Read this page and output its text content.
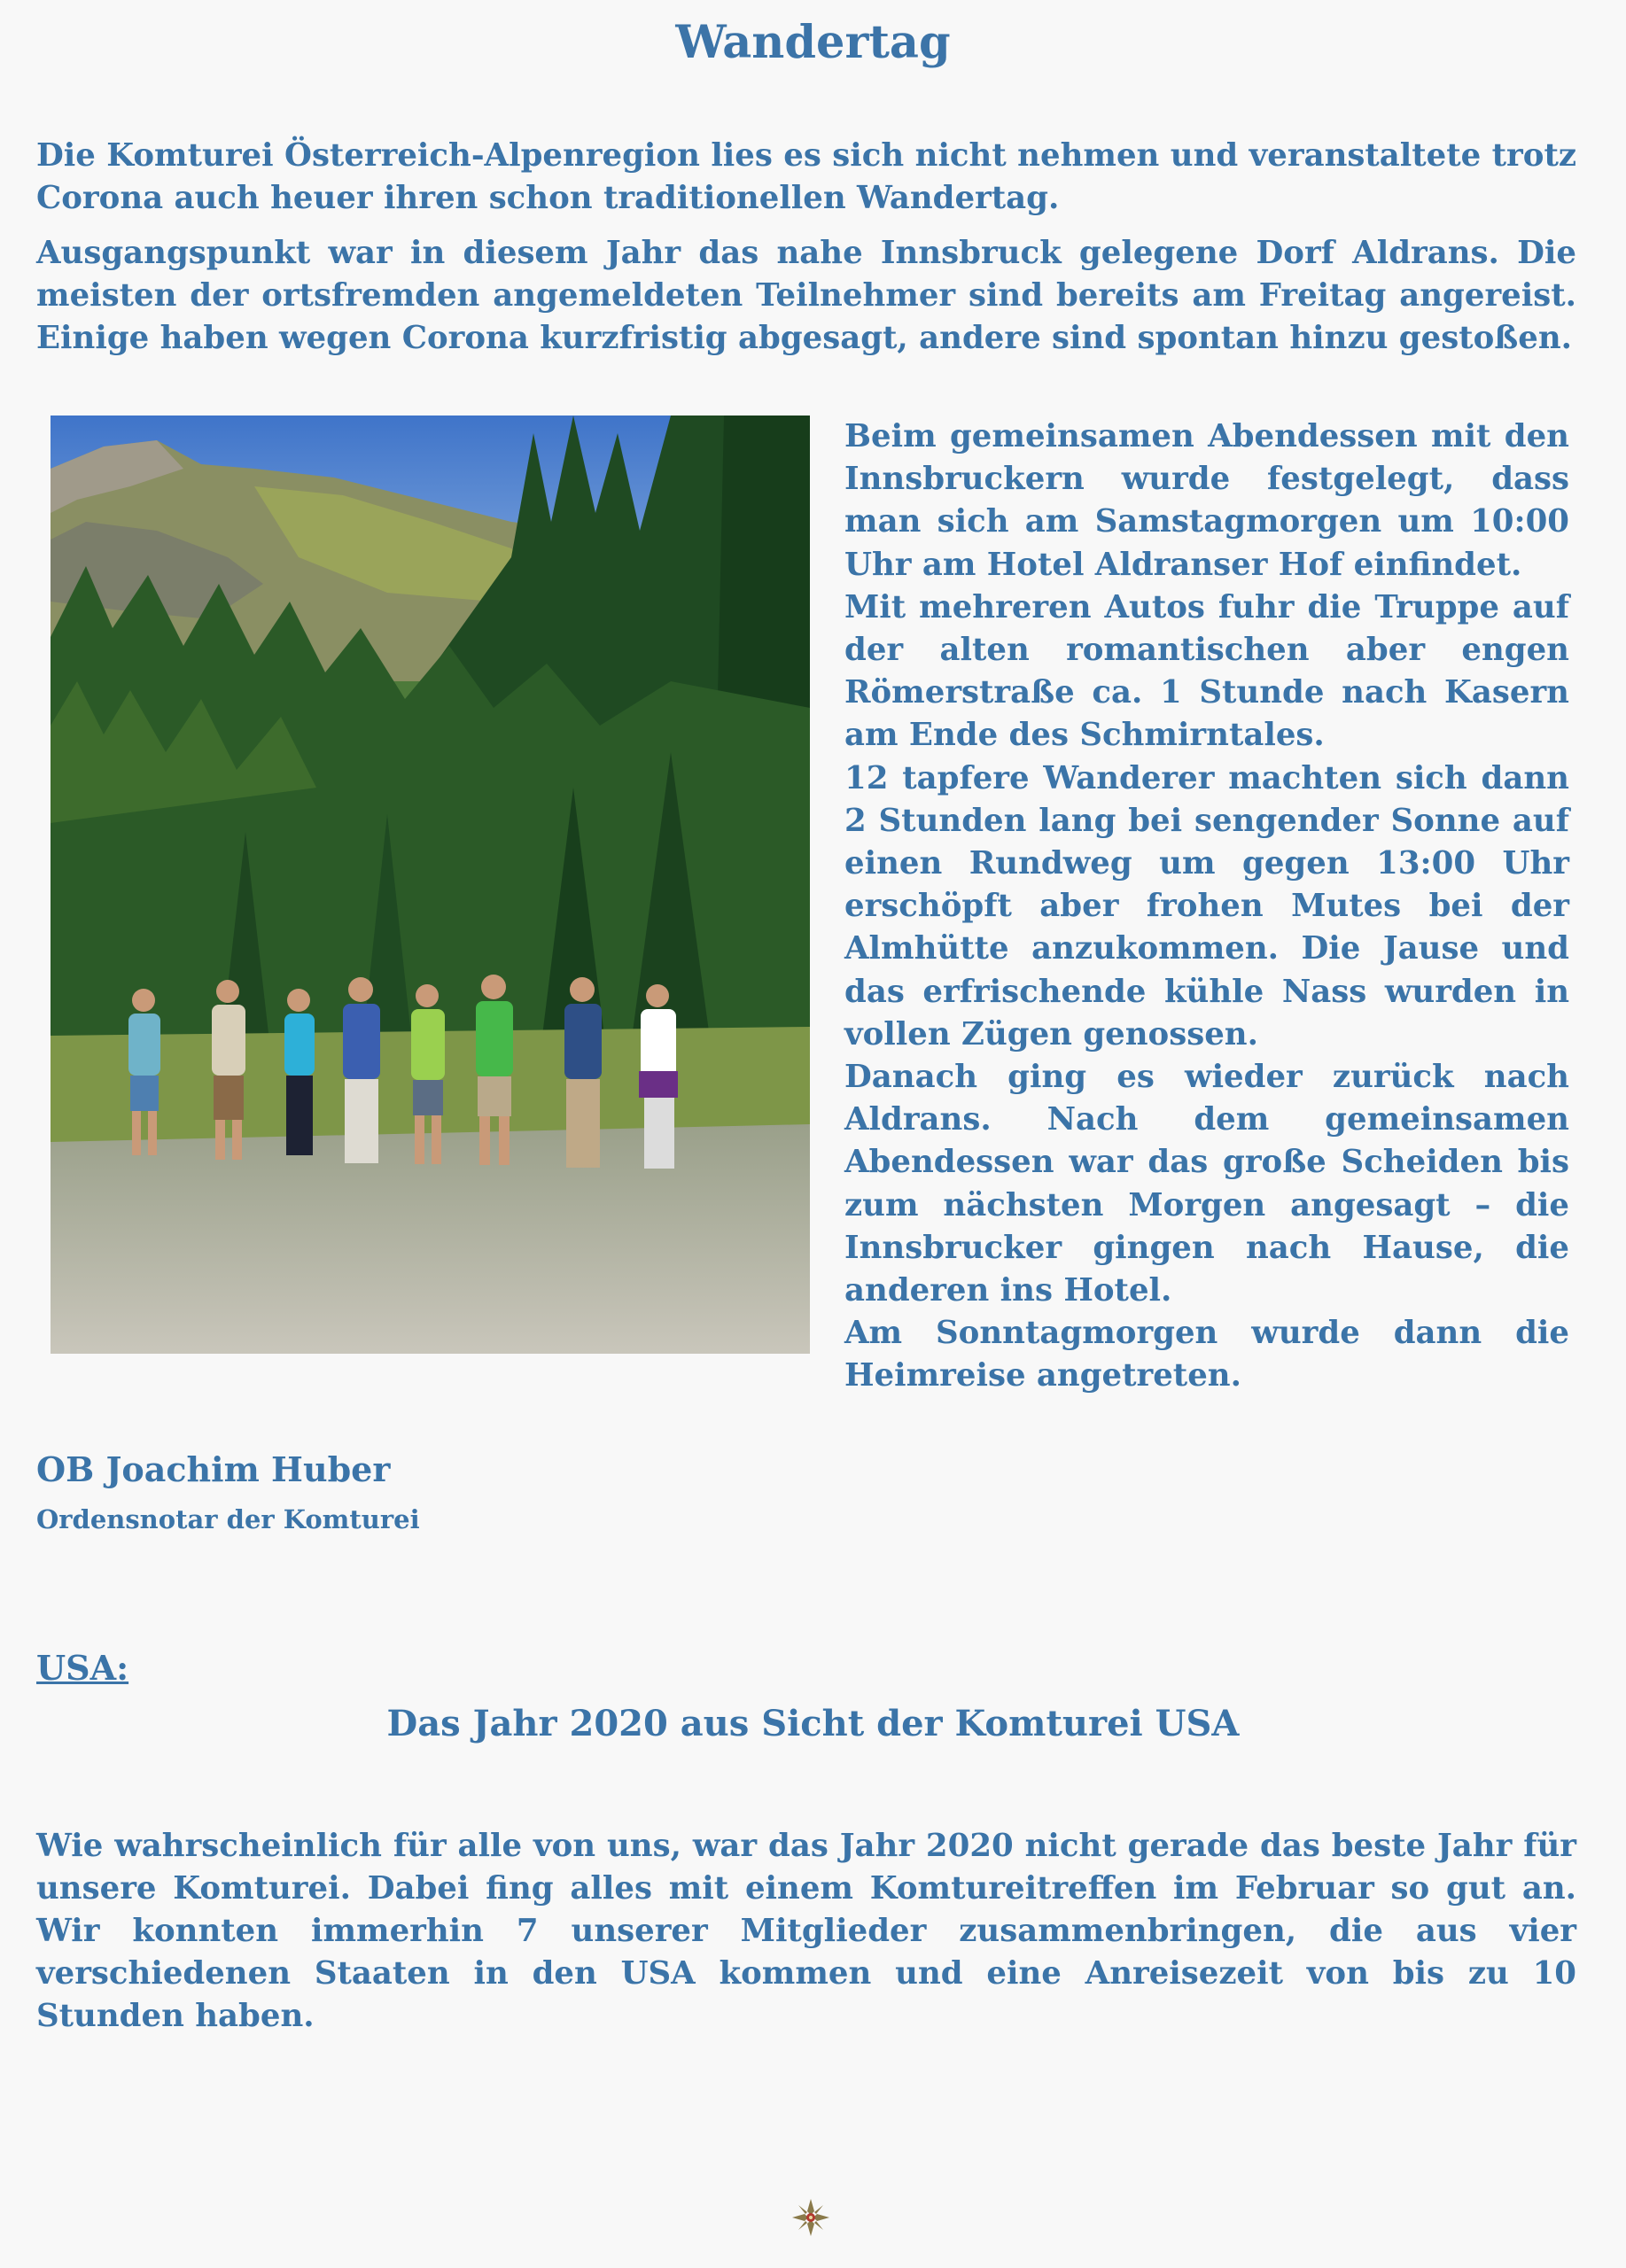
Wandertag

Die Komturei Österreich-Alpenregion lies es sich nicht nehmen und veranstaltete trotz Corona auch heuer ihren schon traditionellen Wandertag.

Ausgangspunkt war in diesem Jahr das nahe Innsbruck gelegene Dorf Aldrans. Die meisten der ortsfremden angemeldeten Teilnehmer sind bereits am Freitag angereist. Einige haben wegen Corona kurzfristig abgesagt, andere sind spontan hinzu gestoßen.

Beim gemeinsamen Abendessen mit den Innsbruckern wurde festgelegt, dass man sich am Samstagmorgen um 10:00 Uhr am Hotel Aldranser Hof einfindet.

Mit mehreren Autos fuhr die Truppe auf der alten romantischen aber engen Römerstraße ca. 1 Stunde nach Kasern am Ende des Schmirntales.

12 tapfere Wanderer machten sich dann 2 Stunden lang bei sengender Sonne auf einen Rundweg um gegen 13:00 Uhr erschöpft aber frohen Mutes bei der Almhütte anzukommen. Die Jause und das erfrischende kühle Nass wurden in vollen Zügen genossen.

Danach ging es wieder zurück nach Aldrans. Nach dem gemeinsamen Abendessen war das große Scheiden bis zum nächsten Morgen angesagt – die Innsbrucker gingen nach Hause, die anderen ins Hotel.

Am Sonntagmorgen wurde dann die Heimreise angetreten.

OB Joachim Huber

Ordensnotar der Komturei

USA:

Das Jahr 2020 aus Sicht der Komturei USA

Wie wahrscheinlich für alle von uns, war das Jahr 2020 nicht gerade das beste Jahr für unsere Komturei. Dabei fing alles mit einem Komtureitreffen im Februar so gut an. Wir konnten immerhin 7 unserer Mitglieder zusammenbringen, die aus vier verschiedenen Staaten in den USA kommen und eine Anreisezeit von bis zu 10 Stunden haben.
